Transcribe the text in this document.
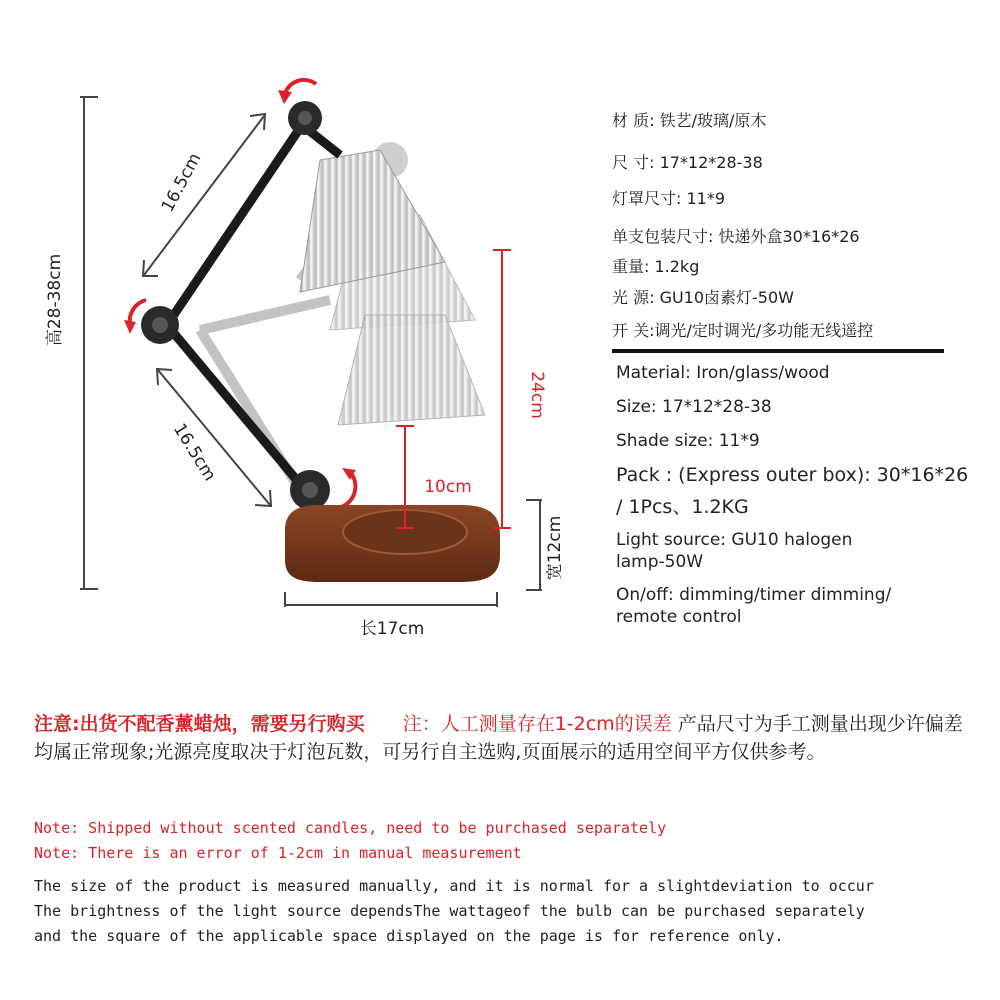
高28-38cm
16.5cm
16.5cm
24cm
10cm
宽12cm
长17cm
材 质: 铁艺/玻璃/原木
尺 寸: 17*12*28-38
灯罩尺寸: 11*9
单支包装尺寸: 快递外盒30*16*26
重量: 1.2kg
光 源: GU10卤素灯-50W
开 关:调光/定时调光/多功能无线遥控
Material: Iron/glass/wood
Size: 17*12*28-38
Shade size: 11*9
Pack : (Express outer box): 30*16*26
/ 1Pcs、1.2KG
Light source: GU10 halogen
lamp-50W
On/off: dimming/timer dimming/
remote control
注意:出货不配香薰蜡烛，需要另行购买 注：人工测量存在1-2cm的误差 产品尺寸为手工测量出现少许偏差均属正常现象;光源亮度取决于灯泡瓦数，可另行自主选购,页面展示的适用空间平方仅供参考。
Note: Shipped without scented candles, need to be purchased separately
Note: There is an error of 1-2cm in manual measurement
The size of the product is measured manually, and it is normal for a slightdeviation to occur
The brightness of the light source dependsThe wattageof the bulb can be purchased separately
and the square of the applicable space displayed on the page is for reference only.
